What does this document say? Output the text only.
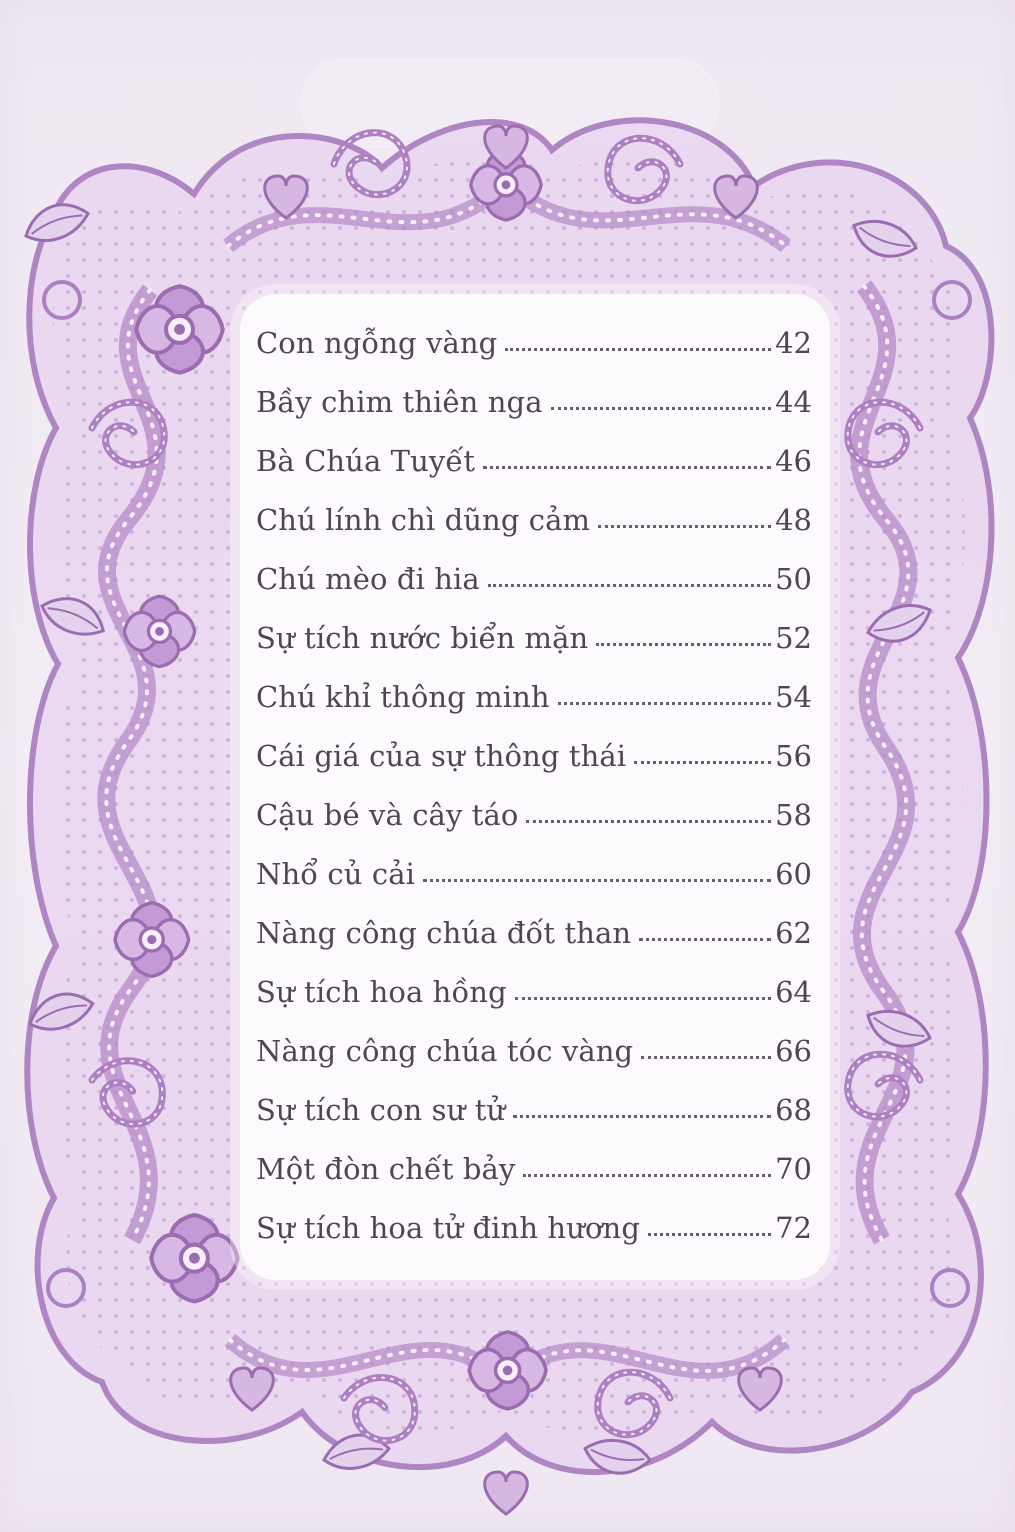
Con ngỗng vàng	42
Bầy chim thiên nga	44
Bà Chúa Tuyết	46
Chú lính chì dũng cảm	48
Chú mèo đi hia	50
Sự tích nước biển mặn	52
Chú khỉ thông minh	54
Cái giá của sự thông thái	56
Cậu bé và cây táo	58
Nhổ củ cải	60
Nàng công chúa đốt than	62
Sự tích hoa hồng	64
Nàng công chúa tóc vàng	66
Sự tích con sư tử	68
Một đòn chết bảy	70
Sự tích hoa tử đinh hương	72
